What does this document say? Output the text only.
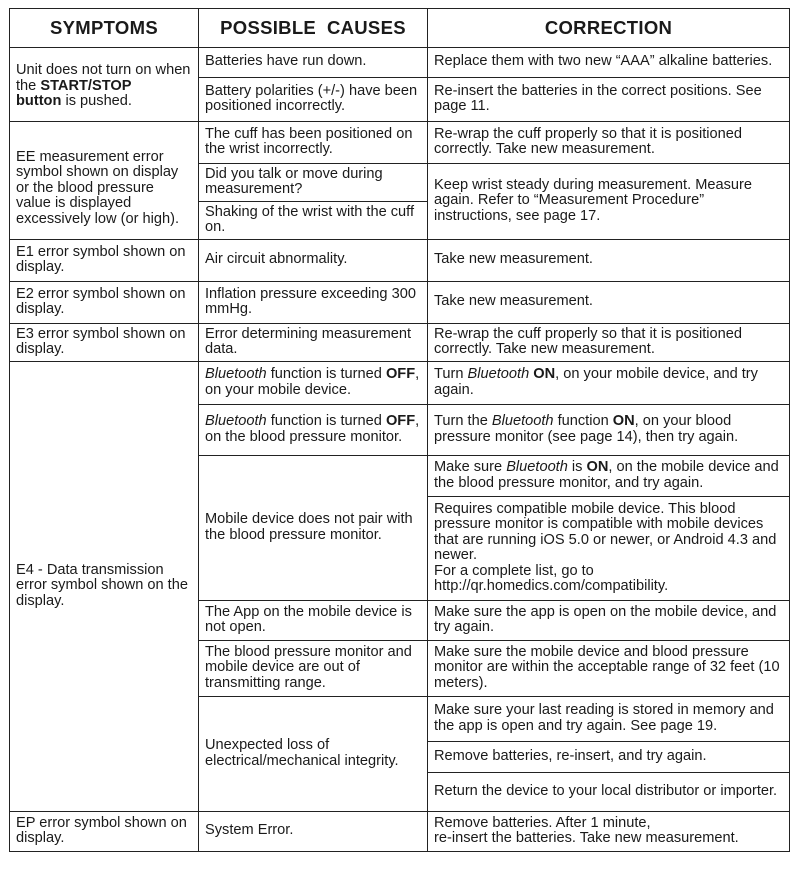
SYMPTOMS	POSSIBLE  CAUSES	CORRECTION
Unit does not turn on when the START/STOP
button is pushed.	Batteries have run down.	Replace them with two new “AAA” alkaline batteries.
	Battery polarities (+/-) have been positioned incorrectly.	Re-insert the batteries in the correct positions. See page 11.
EE measurement error symbol shown on display or the blood pressure value is displayed excessively low (or high).	The cuff has been positioned on the wrist incorrectly.	Re-wrap the cuff properly so that it is positioned correctly. Take new measurement.
	Did you talk or move during measurement?	Keep wrist steady during measurement. Measure again. Refer to “Measurement Procedure” instructions, see page 17.
	Shaking of the wrist with the cuff on.	
E1 error symbol shown on display.	Air circuit abnormality.	Take new measurement.
E2 error symbol shown on display.	Inflation pressure exceeding 300 mmHg.	Take new measurement.
E3 error symbol shown on display.	Error determining measurement data.	Re-wrap the cuff properly so that it is positioned correctly. Take new measurement.
E4 - Data transmission error symbol shown on the display.	Bluetooth function is turned OFF, on your mobile device.	Turn Bluetooth ON, on your mobile device, and try again.
	Bluetooth function is turned OFF, on the blood pressure monitor.	Turn the Bluetooth function ON, on your blood pressure monitor (see page 14), then try again.
	Mobile device does not pair with the blood pressure monitor.	Make sure Bluetooth is ON, on the mobile device and the blood pressure monitor, and try again.
		Requires compatible mobile device. This blood pressure monitor is compatible with mobile devices that are running iOS 5.0 or newer, or Android 4.3 and newer.
For a complete list, go to
http://qr.homedics.com/compatibility.
	The App on the mobile device is not open.	Make sure the app is open on the mobile device, and try again.
	The blood pressure monitor and mobile device are out of transmitting range.	Make sure the mobile device and blood pressure monitor are within the acceptable range of 32 feet (10 meters).
	Unexpected loss of electrical/mechanical integrity.	Make sure your last reading is stored in memory and the app is open and try again. See page 19.
		Remove batteries, re-insert, and try again.
		Return the device to your local distributor or importer.
EP error symbol shown on display.	System Error.	Remove batteries. After 1 minute,
re-insert the batteries. Take new measurement.
